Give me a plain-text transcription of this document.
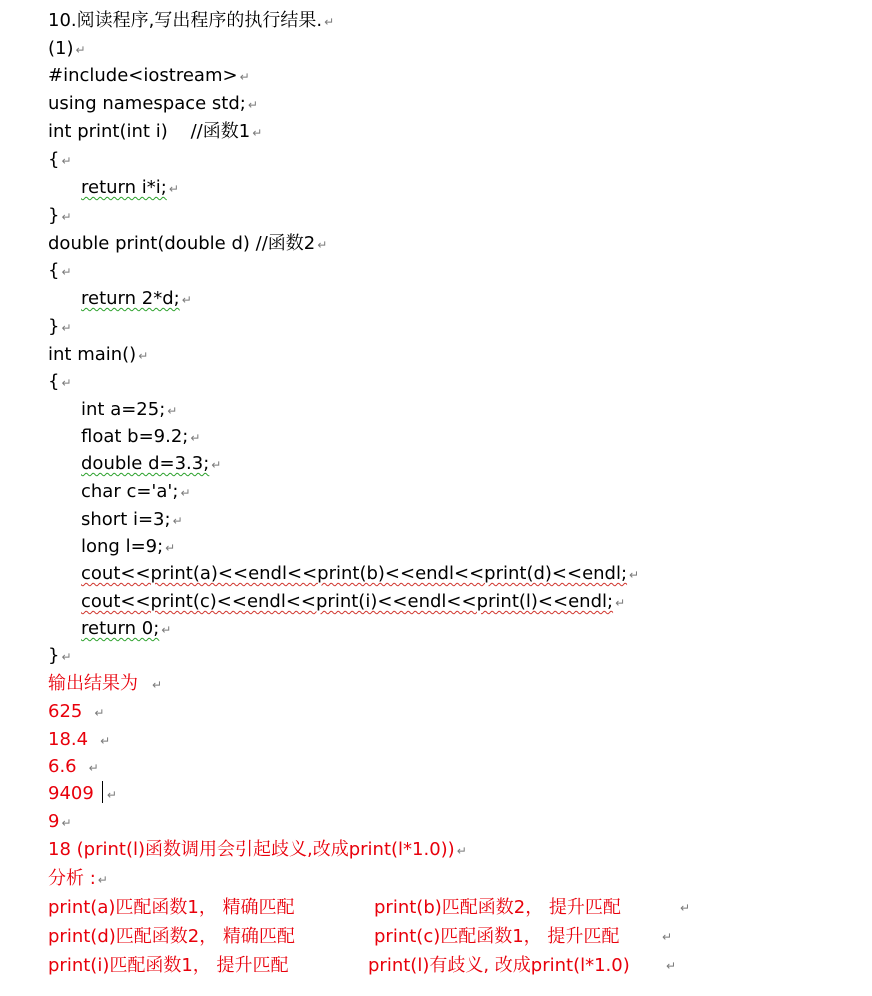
10.阅读程序,写出程序的执行结果. ↵
(1) ↵
#include<iostream> ↵
using namespace std; ↵
int print(int i)    //函数1 ↵
{ ↵
return i*i; ↵
} ↵
double print(double d) //函数2 ↵
{ ↵
return 2*d; ↵
} ↵
int main() ↵
{ ↵
int a=25; ↵
float b=9.2; ↵
double d=3.3; ↵
char c='a'; ↵
short i=3; ↵
long l=9; ↵
cout<<print(a)<<endl<<print(b)<<endl<<print(d)<<endl; ↵
cout<<print(c)<<endl<<print(i)<<endl<<print(l)<<endl; ↵
return 0; ↵
} ↵
输出结果为 ↵
625 ↵
18.4 ↵
6.6 ↵
9409 ↵
9 ↵
18 (print(l)函数调用会引起歧义,改成print(l*1.0)) ↵
分析 : ↵
print(a)匹配函数1， 精确匹配	print(b)匹配函数2， 提升匹配	↵
print(d)匹配函数2， 精确匹配	print(c)匹配函数1， 提升匹配	↵
print(i)匹配函数1， 提升匹配	print(l)有歧义, 改成print(l*1.0)	↵
